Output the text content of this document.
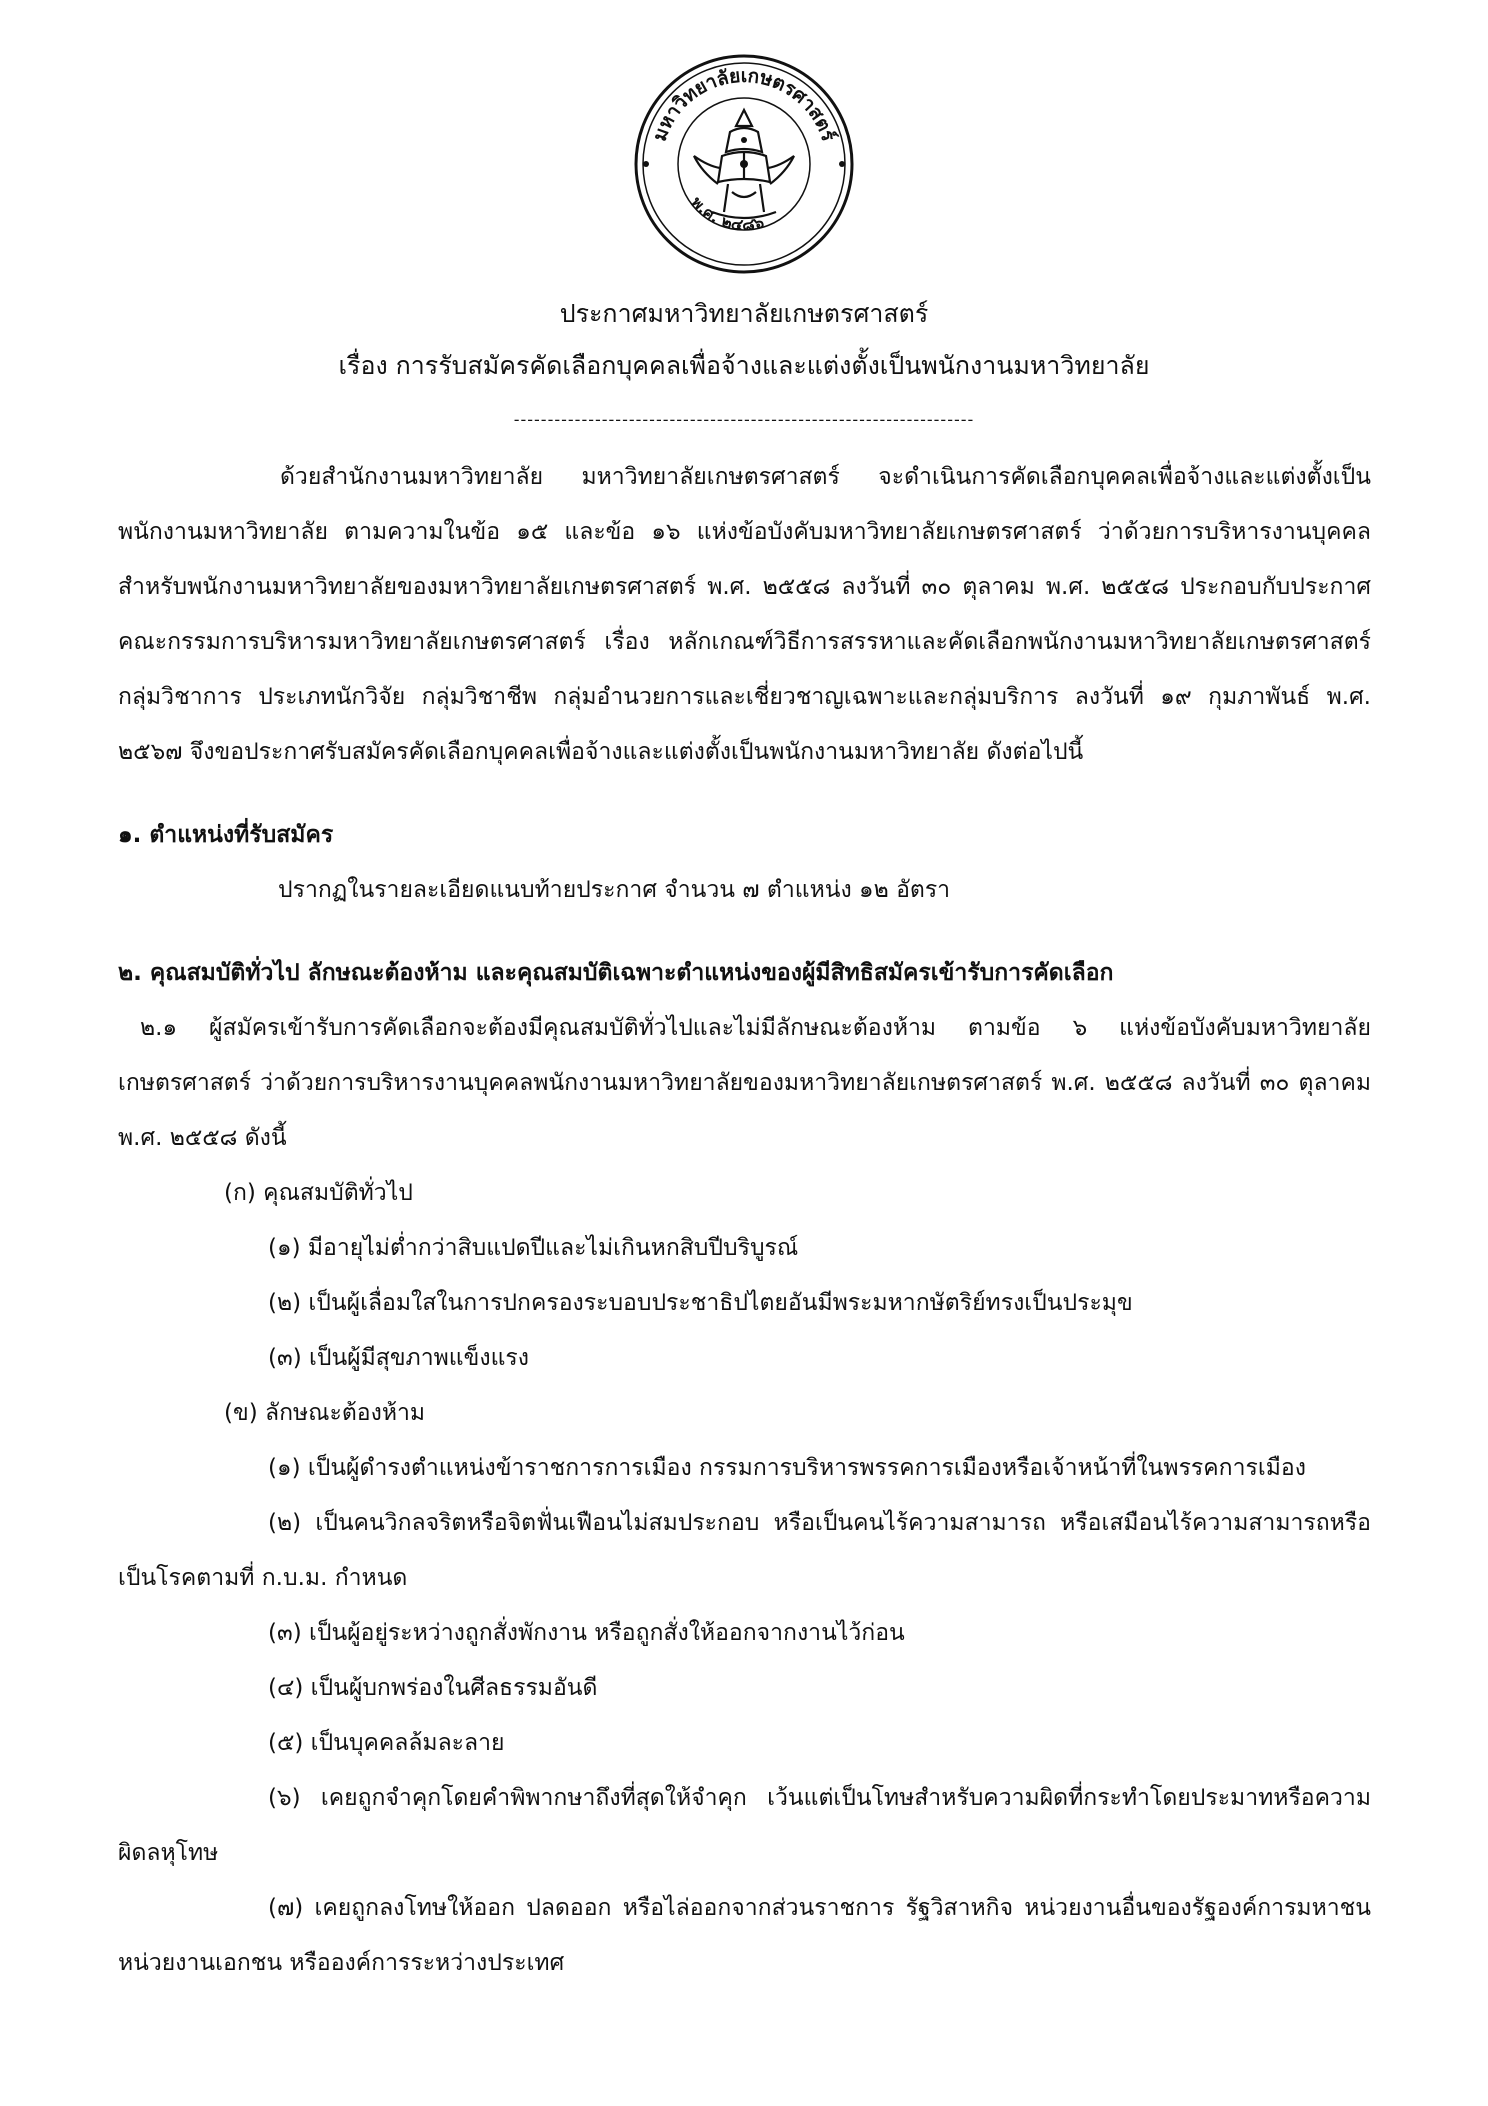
มหาวิทยาลัยเกษตรศาสตร์
พ.ศ. ๒๔๘๖
ประกาศมหาวิทยาลัยเกษตรศาสตร์
เรื่อง การรับสมัครคัดเลือกบุคคลเพื่อจ้างและแต่งตั้งเป็นพนักงานมหาวิทยาลัย
--------------------------------------------------------------------

ด้วยสำนักงานมหาวิทยาลัย มหาวิทยาลัยเกษตรศาสตร์ จะดำเนินการคัดเลือกบุคคลเพื่อจ้างและแต่งตั้งเป็นพนักงานมหาวิทยาลัย ตามความในข้อ ๑๕ และข้อ ๑๖ แห่งข้อบังคับมหาวิทยาลัยเกษตรศาสตร์ ว่าด้วยการบริหารงานบุคคลสำหรับพนักงานมหาวิทยาลัยของมหาวิทยาลัยเกษตรศาสตร์ พ.ศ. ๒๕๕๘ ลงวันที่ ๓๐ ตุลาคม พ.ศ. ๒๕๕๘ ประกอบกับประกาศคณะกรรมการบริหารมหาวิทยาลัยเกษตรศาสตร์ เรื่อง หลักเกณฑ์วิธีการสรรหาและคัดเลือกพนักงานมหาวิทยาลัยเกษตรศาสตร์กลุ่มวิชาการ ประเภทนักวิจัย กลุ่มวิชาชีพ กลุ่มอำนวยการและเชี่ยวชาญเฉพาะและกลุ่มบริการ ลงวันที่ ๑๙ กุมภาพันธ์ พ.ศ. ๒๕๖๗ จึงขอประกาศรับสมัครคัดเลือกบุคคลเพื่อจ้างและแต่งตั้งเป็นพนักงานมหาวิทยาลัย ดังต่อไปนี้

๑. ตำแหน่งที่รับสมัคร

ปรากฏในรายละเอียดแนบท้ายประกาศ จำนวน ๗ ตำแหน่ง ๑๒ อัตรา

๒. คุณสมบัติทั่วไป ลักษณะต้องห้าม และคุณสมบัติเฉพาะตำแหน่งของผู้มีสิทธิสมัครเข้ารับการคัดเลือก

๒.๑ ผู้สมัครเข้ารับการคัดเลือกจะต้องมีคุณสมบัติทั่วไปและไม่มีลักษณะต้องห้าม ตามข้อ ๖ แห่งข้อบังคับมหาวิทยาลัยเกษตรศาสตร์ ว่าด้วยการบริหารงานบุคคลพนักงานมหาวิทยาลัยของมหาวิทยาลัยเกษตรศาสตร์ พ.ศ. ๒๕๕๘ ลงวันที่ ๓๐ ตุลาคม พ.ศ. ๒๕๕๘ ดังนี้

(ก) คุณสมบัติทั่วไป

(๑) มีอายุไม่ต่ำกว่าสิบแปดปีและไม่เกินหกสิบปีบริบูรณ์

(๒) เป็นผู้เลื่อมใสในการปกครองระบอบประชาธิปไตยอันมีพระมหากษัตริย์ทรงเป็นประมุข

(๓) เป็นผู้มีสุขภาพแข็งแรง

(ข) ลักษณะต้องห้าม

(๑) เป็นผู้ดำรงตำแหน่งข้าราชการการเมือง กรรมการบริหารพรรคการเมืองหรือเจ้าหน้าที่ในพรรคการเมือง

(๒) เป็นคนวิกลจริตหรือจิตฟั่นเฟือนไม่สมประกอบ หรือเป็นคนไร้ความสามารถ หรือเสมือนไร้ความสามารถหรือเป็นโรคตามที่ ก.บ.ม. กำหนด

(๓) เป็นผู้อยู่ระหว่างถูกสั่งพักงาน หรือถูกสั่งให้ออกจากงานไว้ก่อน

(๔) เป็นผู้บกพร่องในศีลธรรมอันดี

(๕) เป็นบุคคลล้มละลาย

(๖) เคยถูกจำคุกโดยคำพิพากษาถึงที่สุดให้จำคุก เว้นแต่เป็นโทษสำหรับความผิดที่กระทำโดยประมาทหรือความผิดลหุโทษ

(๗) เคยถูกลงโทษให้ออก ปลดออก หรือไล่ออกจากส่วนราชการ รัฐวิสาหกิจ หน่วยงานอื่นของรัฐองค์การมหาชน หน่วยงานเอกชน หรือองค์การระหว่างประเทศ
